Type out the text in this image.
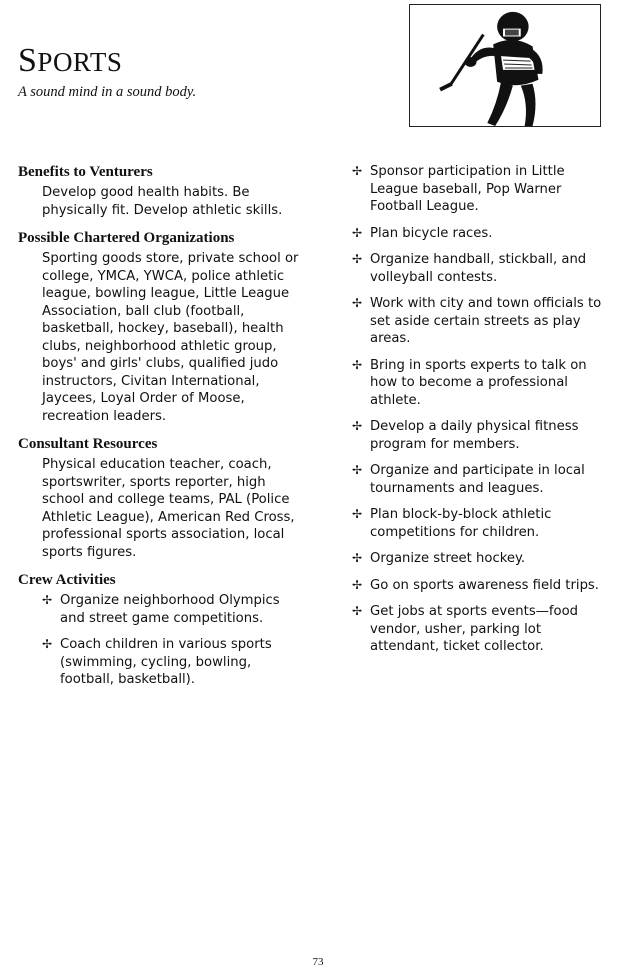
SPORTS

A sound mind in a sound body.

Benefits to Venturers

Develop good health habits. Be physically fit. Develop athletic skills.

Possible Chartered Organizations

Sporting goods store, private school or college, YMCA, YWCA, police athletic league, bowling league, Little League Association, ball club (football, basketball, hockey, baseball), health clubs, neighborhood athletic group, boys' and girls' clubs, qualified judo instructors, Civitan International, Jaycees, Loyal Order of Moose, recreation leaders.

Consultant Resources

Physical education teacher, coach, sportswriter, sports reporter, high school and college teams, PAL (Police Athletic League), American Red Cross, professional sports association, local sports figures.

Crew Activities
✢ Organize neighborhood Olympics and street game competitions.
✢ Coach children in various sports (swimming, cycling, bowling, football, basketball).
✢ Sponsor participation in Little League baseball, Pop Warner Football League.
✢ Plan bicycle races.
✢ Organize handball, stickball, and volleyball contests.
✢ Work with city and town officials to set aside certain streets as play areas.
✢ Bring in sports experts to talk on how to become a professional athlete.
✢ Develop a daily physical fitness program for members.
✢ Organize and participate in local tournaments and leagues.
✢ Plan block-by-block athletic competitions for children.
✢ Organize street hockey.
✢ Go on sports awareness field trips.
✢ Get jobs at sports events—food vendor, usher, parking lot attendant, ticket collector.
73
